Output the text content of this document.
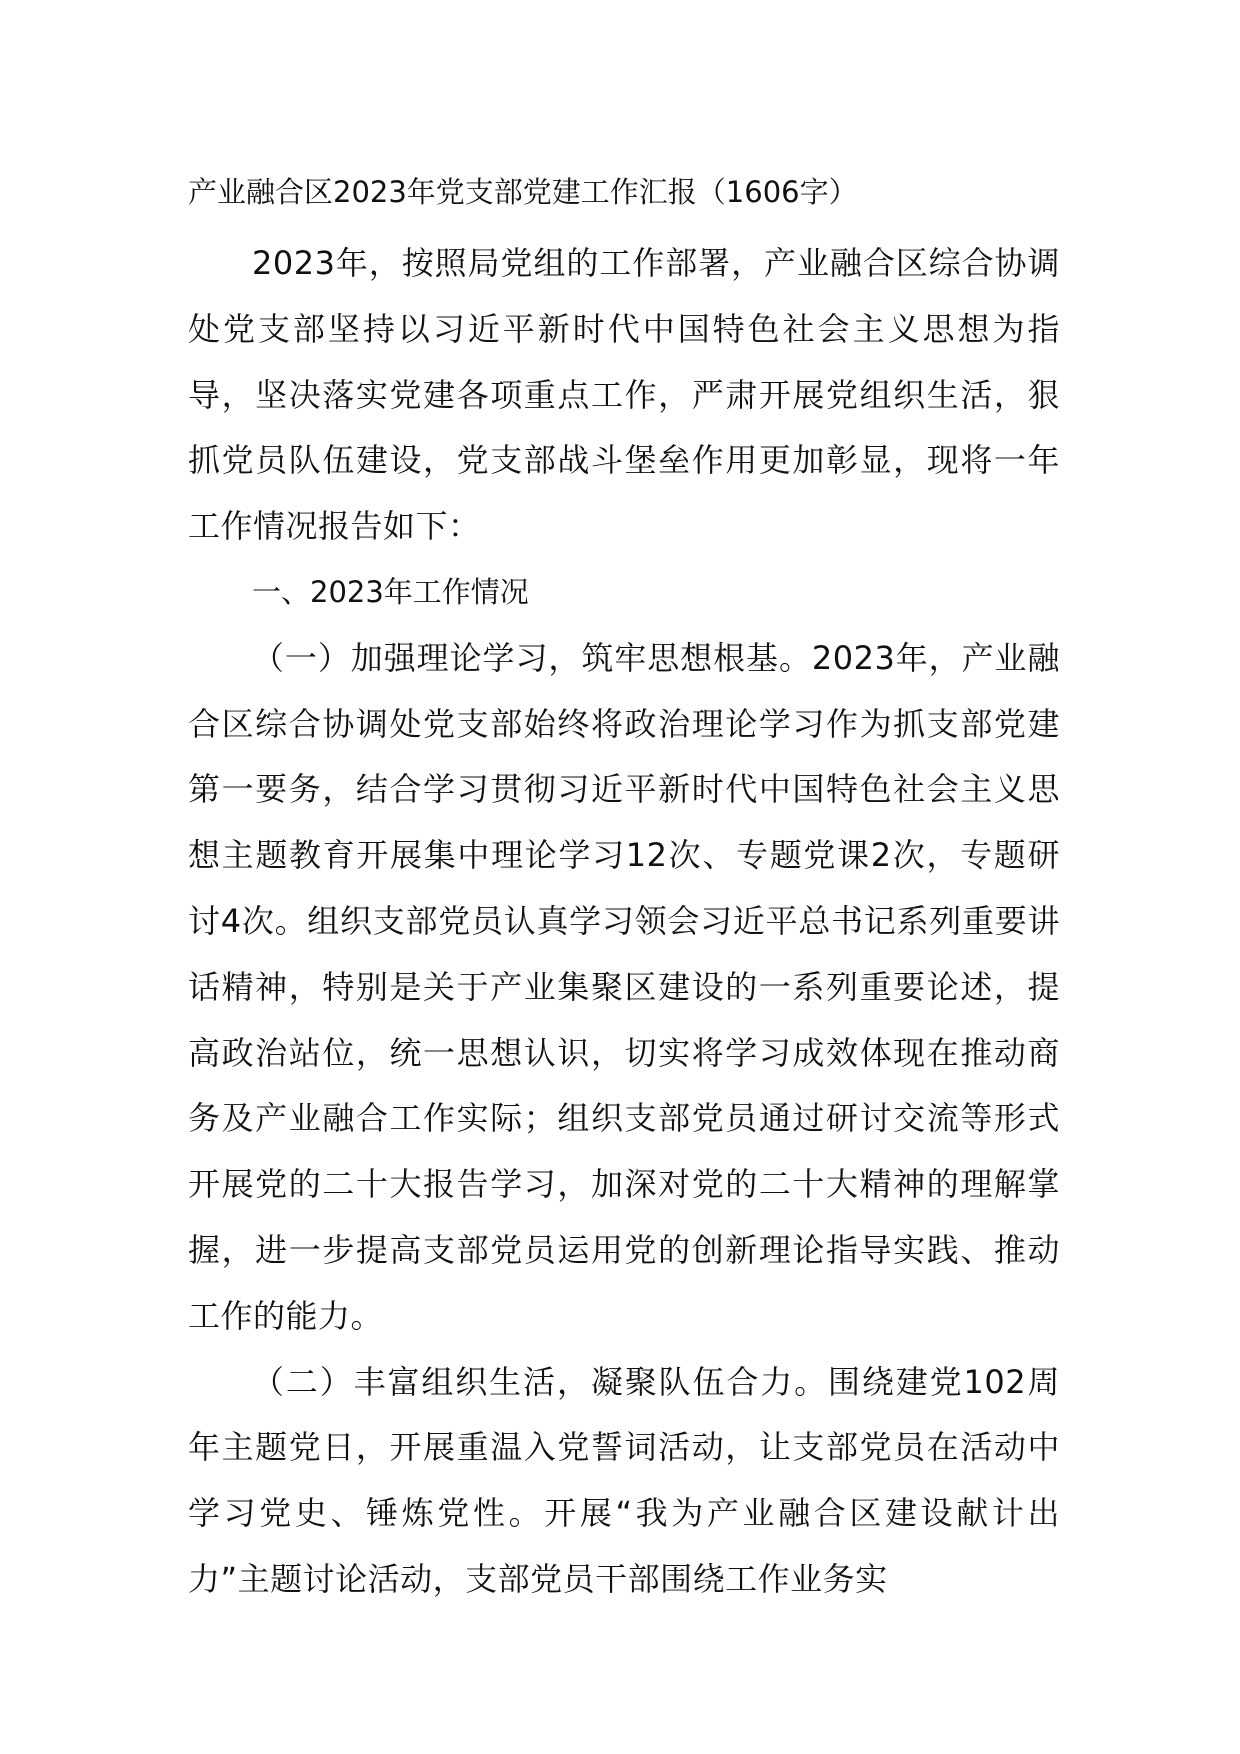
产业融合区2023年党支部党建工作汇报（1606字）

2023年，按照局党组的工作部署，产业融合区综合协调处党支部坚持以习近平新时代中国特色社会主义思想为指导，坚决落实党建各项重点工作，严肃开展党组织生活，狠抓党员队伍建设，党支部战斗堡垒作用更加彰显，现将一年工作情况报告如下：

一、2023年工作情况

（一）加强理论学习，筑牢思想根基。2023年，产业融合区综合协调处党支部始终将政治理论学习作为抓支部党建第一要务，结合学习贯彻习近平新时代中国特色社会主义思想主题教育开展集中理论学习12次、专题党课2次，专题研讨4次。组织支部党员认真学习领会习近平总书记系列重要讲话精神，特别是关于产业集聚区建设的一系列重要论述，提高政治站位，统一思想认识，切实将学习成效体现在推动商务及产业融合工作实际；组织支部党员通过研讨交流等形式开展党的二十大报告学习，加深对党的二十大精神的理解掌握，进一步提高支部党员运用党的创新理论指导实践、推动工作的能力。

（二）丰富组织生活，凝聚队伍合力。围绕建党102周年主题党日，开展重温入党誓词活动，让支部党员在活动中学习党史、锤炼党性。开展“我为产业融合区建设献计出力”主题讨论活动，支部党员干部围绕工作业务实
